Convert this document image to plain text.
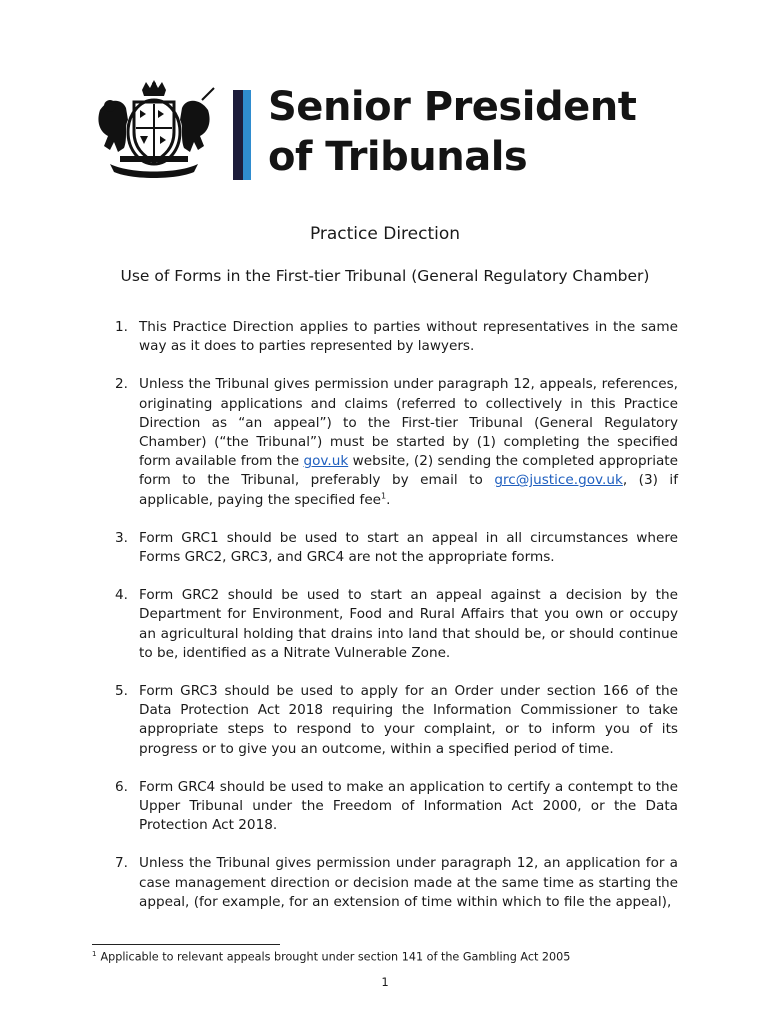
Senior President
of Tribunals
Practice Direction
Use of Forms in the First-tier Tribunal (General Regulatory Chamber)
1. This Practice Direction applies to parties without representatives in the same way as it does to parties represented by lawyers.
2. Unless the Tribunal gives permission under paragraph 12, appeals, references, originating applications and claims (referred to collectively in this Practice Direction as “an appeal”) to the First-tier Tribunal (General Regulatory Chamber) (“the Tribunal”) must be started by (1) completing the specified form available from the gov.uk website, (2) sending the completed appropriate form to the Tribunal, preferably by email to grc@justice.gov.uk, (3) if applicable, paying the specified fee$^1$.
3. Form GRC1 should be used to start an appeal in all circumstances where Forms GRC2, GRC3, and GRC4 are not the appropriate forms.
4. Form GRC2 should be used to start an appeal against a decision by the Department for Environment, Food and Rural Affairs that you own or occupy an agricultural holding that drains into land that should be, or should continue to be, identified as a Nitrate Vulnerable Zone.
5. Form GRC3 should be used to apply for an Order under section 166 of the Data Protection Act 2018 requiring the Information Commissioner to take appropriate steps to respond to your complaint, or to inform you of its progress or to give you an outcome, within a specified period of time.
6. Form GRC4 should be used to make an application to certify a contempt to the Upper Tribunal under the Freedom of Information Act 2000, or the Data Protection Act 2018.
7. Unless the Tribunal gives permission under paragraph 12, an application for a case management direction or decision made at the same time as starting the appeal, (for example, for an extension of time within which to file the appeal),
$^1$ Applicable to relevant appeals brought under section 141 of the Gambling Act 2005
1
